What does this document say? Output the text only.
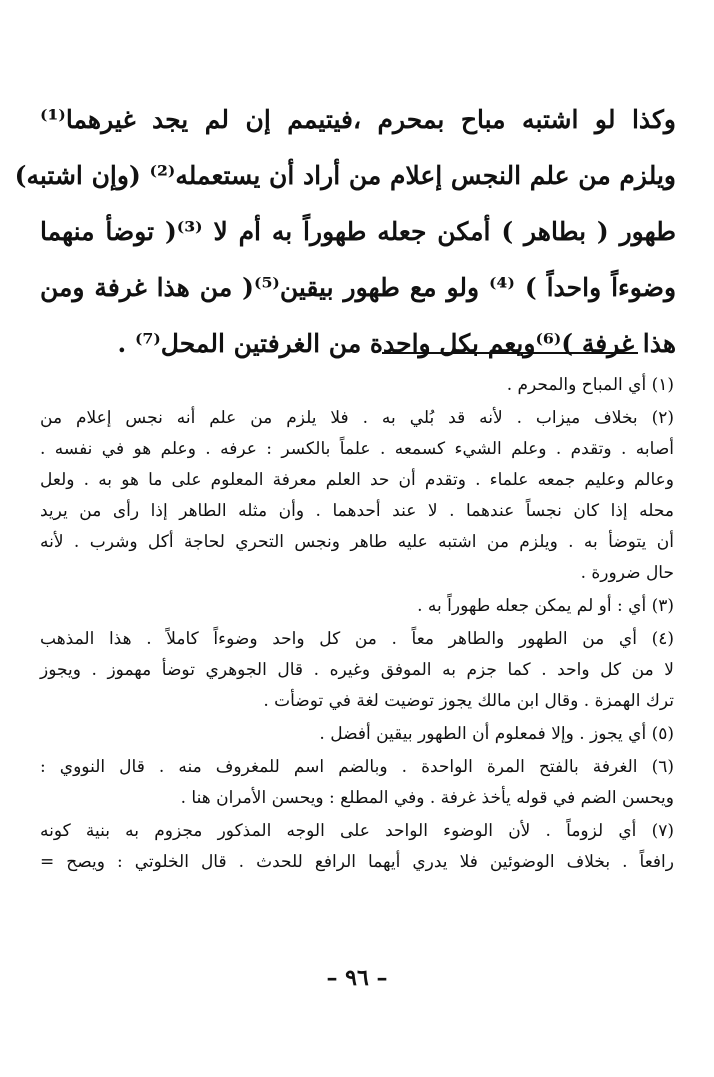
وكذا لو اشتبه مباح بمحرم ،فيتيمم إن لم يجد غيرهما⁽¹⁾
ويلزم من علم النجس إعلام من أراد أن يستعمله⁽²⁾ (وإن اشتبه)
طهور ( بطاهر ) أمكن جعله طهوراً به أم لا ⁽³⁾( توضأ منهما
وضوءاً واحداً ) ⁽⁴⁾ ولو مع طهور بيقين⁽⁵⁾( من هذا غرفة ومن
هذا غرفة )⁽⁶⁾ويعم بكل واحدة من الغرفتين المحل⁽⁷⁾ .
(١) أي المباح والمحرم .
(٢) بخلاف ميزاب . لأنه قد بُلي به . فلا يلزم من علم أنه نجس إعلام من
أصابه . وتقدم . وعلم الشيء كسمعه . علماً بالكسر : عرفه . وعلم هو في نفسه .
وعالم وعليم جمعه علماء . وتقدم أن حد العلم معرفة المعلوم على ما هو به . ولعل
محله إذا كان نجساً عندهما . لا عند أحدهما . وأن مثله الطاهر إذا رأى من يريد
أن يتوضأ به . ويلزم من اشتبه عليه طاهر ونجس التحري لحاجة أكل وشرب . لأنه
حال ضرورة .
(٣) أي : أو لم يمكن جعله طهوراً به .
(٤) أي من الطهور والطاهر معاً . من كل واحد وضوءاً كاملاً . هذا المذهب
لا من كل واحد . كما جزم به الموفق وغيره . قال الجوهري توضأ مهموز . ويجوز
ترك الهمزة . وقال ابن مالك يجوز توضيت لغة في توضأت .
(٥) أي يجوز . وإلا فمعلوم أن الطهور بيقين أفضل .
(٦) الغرفة بالفتح المرة الواحدة . وبالضم اسم للمغروف منه . قال النووي :
ويحسن الضم في قوله يأخذ غرفة . وفي المطلع : ويحسن الأمران هنا .
(٧) أي لزوماً . لأن الوضوء الواحد على الوجه المذكور مجزوم به بنية كونه
رافعاً . بخلاف الوضوئين فلا يدري أيهما الرافع للحدث . قال الخلوتي : ويصح =
– ٩٦ –
